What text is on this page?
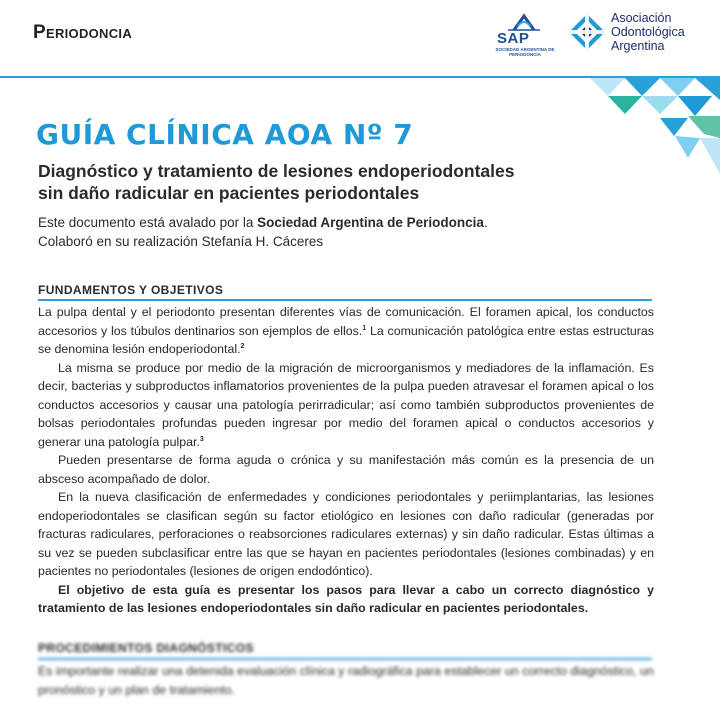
Periodoncia	SAP
SOCIEDAD ARGENTINA DE PERIODONCIA
Asociación
Odontológica
Argentina
GUÍA CLÍNICA AOA Nº 7
Diagnóstico y tratamiento de lesiones endoperiodontales
sin daño radicular en pacientes periodontales
Este documento está avalado por la Sociedad Argentina de Periodoncia.
Colaboró en su realización Stefanía H. Cáceres
FUNDAMENTOS Y OBJETIVOS

La pulpa dental y el periodonto presentan diferentes vías de comunicación. El foramen apical, los conductos accesorios y los túbulos dentinarios son ejemplos de ellos.$^1$ La comunicación patológica entre estas estructuras se denomina lesión endoperiodontal.$^2$

La misma se produce por medio de la migración de microorganismos y mediadores de la inflamación. Es decir, bacterias y subproductos inflamatorios provenientes de la pulpa pueden atravesar el foramen apical o los conductos accesorios y causar una patología perirradicular; así como también subproductos provenientes de bolsas periodontales profundas pueden ingresar por medio del foramen apical o conductos accesorios y generar una patología pulpar.$^3$

Pueden presentarse de forma aguda o crónica y su manifestación más común es la presencia de un absceso acompañado de dolor.

En la nueva clasificación de enfermedades y condiciones periodontales y periimplantarias, las lesiones endoperiodontales se clasifican según su factor etiológico en lesiones con daño radicular (generadas por fracturas radiculares, perforaciones o reabsorciones radiculares externas) y sin daño radicular. Estas últimas a su vez se pueden subclasificar entre las que se hayan en pacientes periodontales (lesiones combinadas) y en pacientes no periodontales (lesiones de origen endodóntico).

El objetivo de esta guía es presentar los pasos para llevar a cabo un correcto diagnóstico y tratamiento de las lesiones endoperiodontales sin daño radicular en pacientes periodontales.

PROCEDIMIENTOS DIAGNÓSTICOS
Es importante realizar una detenida evaluación clínica y radiográfica para establecer un correcto diagnóstico, un pronóstico y un plan de tratamiento.
